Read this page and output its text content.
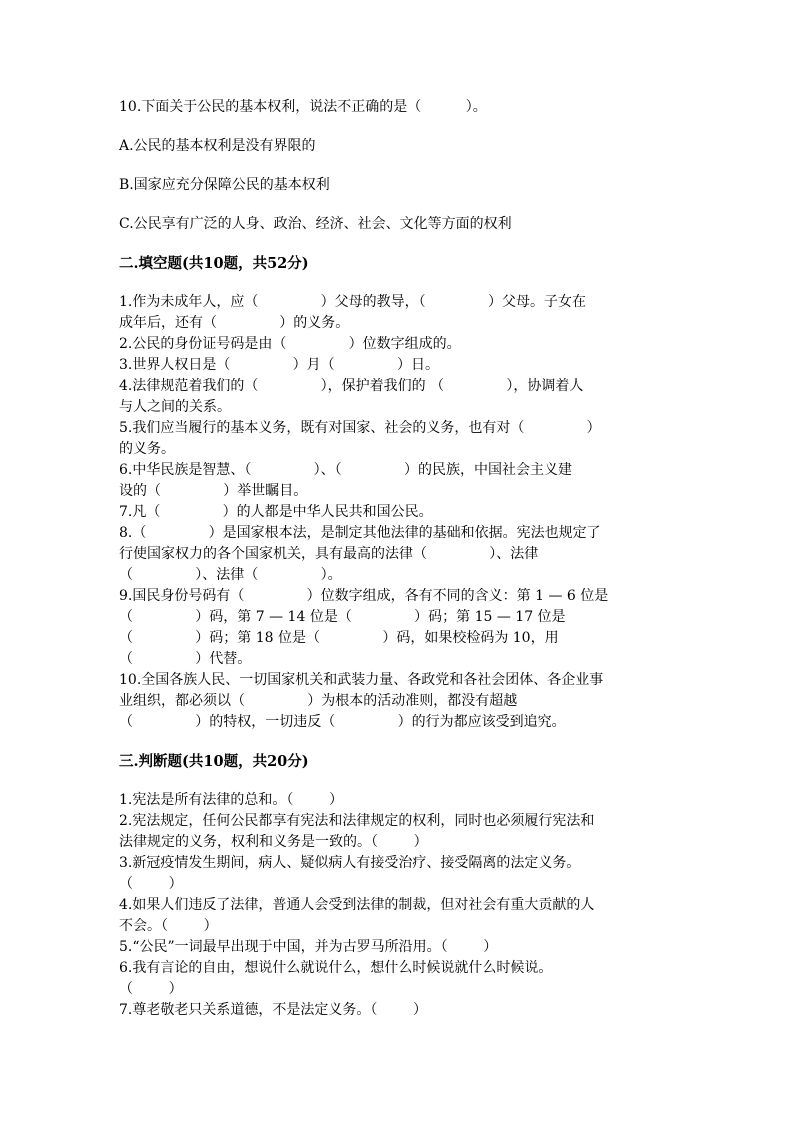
10.下面关于公民的基本权利，说法不正确的是（          ）。
A.公民的基本权利是没有界限的
B.国家应充分保障公民的基本权利
C.公民享有广泛的人身、政治、经济、社会、文化等方面的权利
二.填空题(共10题，共52分)
1.作为未成年人，应（              ）父母的教导，（              ）父母。子女在
成年后，还有（              ）的义务。
2.公民的身份证号码是由（              ）位数字组成的。
3.世界人权日是（              ）月（              ）日。
4.法律规范着我们的（              ），保护着我们的 （              ），协调着人
与人之间的关系。
5.我们应当履行的基本义务，既有对国家、社会的义务，也有对（              ）
的义务。
6.中华民族是智慧、（              ）、（              ）的民族，中国社会主义建
设的（              ）举世瞩目。
7.凡（              ）的人都是中华人民共和国公民。
8.（              ）是国家根本法，是制定其他法律的基础和依据。宪法也规定了
行使国家权力的各个国家机关，具有最高的法律（              ）、法律
（              ）、法律（              ）。
9.国民身份号码有（              ）位数字组成，各有不同的含义：第 1 — 6 位是
（              ）码，第 7 — 14 位是（              ）码；第 15 — 17 位是
（              ）码；第 18 位是（              ）码，如果校检码为 10，用
（              ）代替。
10.全国各族人民、一切国家机关和武装力量、各政党和各社会团体、各企业事
业组织，都必须以（              ）为根本的活动准则，都没有超越
（              ）的特权，一切违反（              ）的行为都应该受到追究。
三.判断题(共10题，共20分)
1.宪法是所有法律的总和。（        ）
2.宪法规定，任何公民都享有宪法和法律规定的权利，同时也必须履行宪法和
法律规定的义务，权利和义务是一致的。（        ）
3.新冠疫情发生期间，病人、疑似病人有接受治疗、接受隔离的法定义务。
（        ）
4.如果人们违反了法律，普通人会受到法律的制裁，但对社会有重大贡献的人
不会。（        ）
5.“公民”一词最早出现于中国，并为古罗马所沿用。（        ）
6.我有言论的自由，想说什么就说什么，想什么时候说就什么时候说。
（        ）
7.尊老敬老只关系道德，不是法定义务。（        ）
